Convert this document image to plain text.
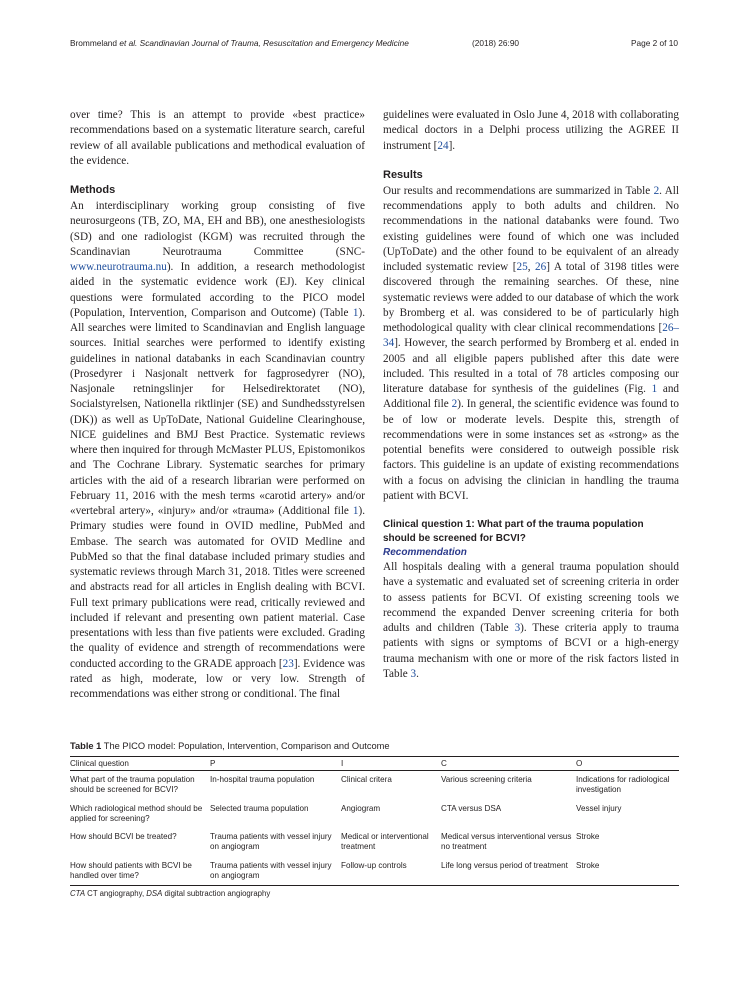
Brommeland et al. Scandinavian Journal of Trauma, Resuscitation and Emergency Medicine	(2018) 26:90	Page 2 of 10

over time? This is an attempt to provide «best practice» recommendations based on a systematic literature search, careful review of all available publications and methodical evaluation of the evidence.

Methods

An interdisciplinary working group consisting of five neurosurgeons (TB, ZO, MA, EH and BB), one anesthesiologists (SD) and one radiologist (KGM) was recruited through the Scandinavian Neurotrauma Committee (SNC- www.neurotrauma.nu). In addition, a research methodologist aided in the systematic evidence work (EJ). Key clinical questions were formulated according to the PICO model (Population, Intervention, Comparison and Outcome) (Table 1). All searches were limited to Scandinavian and English language sources. Initial searches were performed to identify existing guidelines in national databanks in each Scandinavian country (Prosedyrer i Nasjonalt nettverk for fagprosedyrer (NO), Nasjonale retningslinjer for Helsedirektoratet (NO), Socialstyrelsen, Nationella riktlinjer (SE) and Sundhedsstyrelsen (DK)) as well as UpToDate, National Guideline Clearinghouse, NICE guidelines and BMJ Best Practice. Systematic reviews where then inquired for through McMaster PLUS, Epistomonikos and The Cochrane Library. Systematic searches for primary articles with the aid of a research librarian were performed on February 11, 2016 with the mesh terms «carotid artery» and/or «vertebral artery», «injury» and/or «trauma» (Additional file 1). Primary studies were found in OVID medline, PubMed and Embase. The search was automated for OVID Medline and PubMed so that the final database included primary studies and systematic reviews through March 31, 2018. Titles were screened and abstracts read for all articles in English dealing with BCVI. Full text primary publications were read, critically reviewed and included if relevant and presenting own patient material. Case presentations with less than five patients were excluded. Grading the quality of evidence and strength of recommendations were conducted according to the GRADE approach [23]. Evidence was rated as high, moderate, low or very low. Strength of recommendations was either strong or conditional. The final

guidelines were evaluated in Oslo June 4, 2018 with collaborating medical doctors in a Delphi process utilizing the AGREE II instrument [24].

Results

Our results and recommendations are summarized in Table 2. All recommendations apply to both adults and children. No recommendations in the national databanks were found. Two existing guidelines were found of which one was included (UpToDate) and the other found to be equivalent of an already included systematic review [25, 26] A total of 3198 titles were discovered through the remaining searches. Of these, nine systematic reviews were added to our database of which the work by Bromberg et al. was considered to be of particularly high methodological quality with clear clinical recommendations [26–34]. However, the search performed by Bromberg et al. ended in 2005 and all eligible papers published after this date were included. This resulted in a total of 78 articles composing our literature database for synthesis of the guidelines (Fig. 1 and Additional file 2). In general, the scientific evidence was found to be of low or moderate levels. Despite this, strength of recommendations were in some instances set as «strong» as the potential benefits were considered to outweigh possible risk factors. This guideline is an update of existing recommendations with a focus on advising the clinician in handling the trauma patient with BCVI.

Clinical question 1: What part of the trauma population should be screened for BCVI?
Recommendation

All hospitals dealing with a general trauma population should have a systematic and evaluated set of screening criteria in order to assess patients for BCVI. Of existing screening tools we recommend the expanded Denver screening criteria for both adults and children (Table 3). These criteria apply to trauma patients with signs or symptoms of BCVI or a high-energy trauma mechanism with one or more of the risk factors listed in Table 3.

Table 1 The PICO model: Population, Intervention, Comparison and Outcome
Clinical question	P	I	C	O
What part of the trauma population should be screened for BCVI?	In-hospital trauma population	Clinical critera	Various screening criteria	Indications for radiological investigation
Which radiological method should be applied for screening?	Selected trauma population	Angiogram	CTA versus DSA	Vessel injury
How should BCVI be treated?	Trauma patients with vessel injury on angiogram	Medical or interventional treatment	Medical versus interventional versus no treatment	Stroke
How should patients with BCVI be handled over time?	Trauma patients with vessel injury on angiogram	Follow-up controls	Life long versus period of treatment	Stroke
CTA CT angiography, DSA digital subtraction angiography
